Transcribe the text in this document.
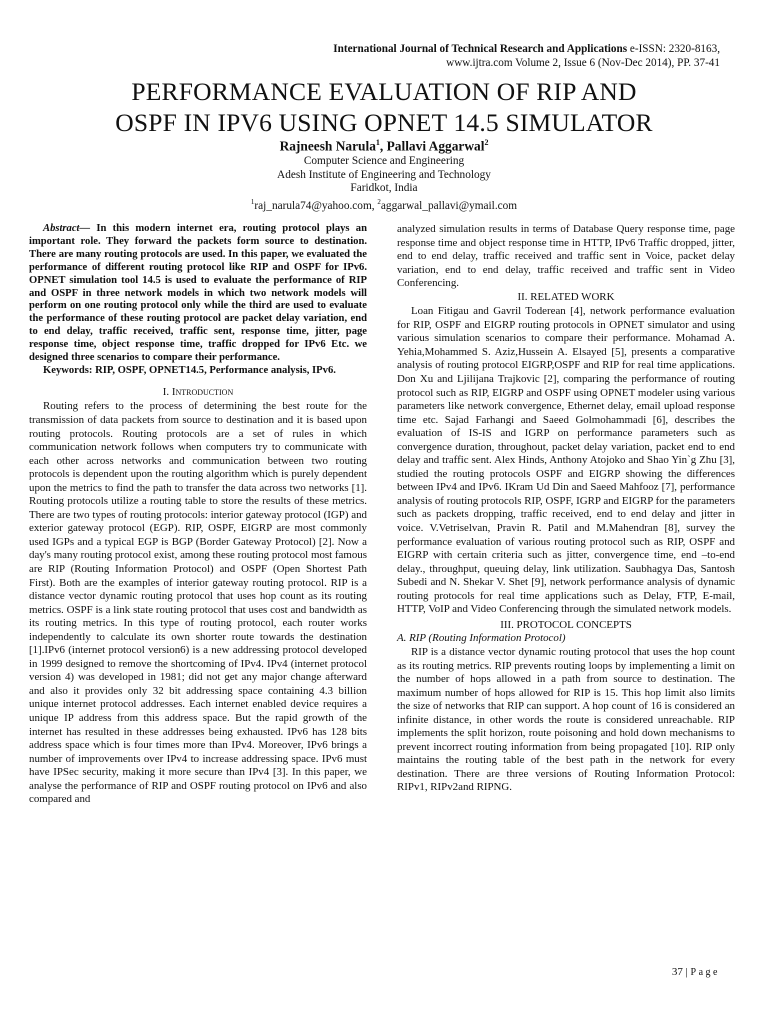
International Journal of Technical Research and Applications e-ISSN: 2320-8163,
www.ijtra.com Volume 2, Issue 6 (Nov-Dec 2014), PP. 37-41
PERFORMANCE EVALUATION OF RIP AND
OSPF IN IPV6 USING OPNET 14.5 SIMULATOR
Rajneesh Narula$^1$, Pallavi Aggarwal$^2$
Computer Science and Engineering
Adesh Institute of Engineering and Technology
Faridkot, India
$^1$raj_narula74@yahoo.com, $^2$aggarwal_pallavi@ymail.com

Abstract— In this modern internet era, routing protocol plays an important role. They forward the packets form source to destination. There are many routing protocols are used. In this paper, we evaluated the performance of different routing protocol like RIP and OSPF for IPv6. OPNET simulation tool 14.5 is used to evaluate the performance of RIP and OSPF in three network models in which two network models will perform on one routing protocol only while the third are used to evaluate the performance of these routing protocol are packet delay variation, end to end delay, traffic received, traffic sent, response time, jitter, page response time, object response time, traffic dropped for IPv6 Etc. we designed three scenarios to compare their performance.

Keywords: RIP, OSPF, OPNET14.5, Performance analysis, IPv6.

I. Introduction

Routing refers to the process of determining the best route for the transmission of data packets from source to destination and it is based upon routing protocols. Routing protocols are a set of rules in which communication network follows when computers try to communicate with each other across networks and communication between two routing protocols is dependent upon the routing algorithm which is purely dependent upon the metrics to find the path to transfer the data across two networks [1]. Routing protocols utilize a routing table to store the results of these metrics. There are two types of routing protocols: interior gateway protocol (IGP) and exterior gateway protocol (EGP). RIP, OSPF, EIGRP are most commonly used IGPs and a typical EGP is BGP (Border Gateway Protocol) [2]. Now a day's many routing protocol exist, among these routing protocol most famous are RIP (Routing Information Protocol) and OSPF (Open Shortest Path First). Both are the examples of interior gateway routing protocol. RIP is a distance vector dynamic routing protocol that uses hop count as its routing metrics. OSPF is a link state routing protocol that uses cost and bandwidth as its routing metrics. In this type of routing protocol, each router works independently to calculate its own shorter route towards the destination [1].IPv6 (internet protocol version6) is a new addressing protocol developed in 1999 designed to remove the shortcoming of IPv4. IPv4 (internet protocol version 4) was developed in 1981; did not get any major change afterward and also it provides only 32 bit addressing space containing 4.3 billion unique internet protocol addresses. Each internet enabled device requires a unique IP address from this address space. But the rapid growth of the internet has resulted in these addresses being exhausted. IPv6 has 128 bits address space which is four times more than IPv4. Moreover, IPv6 brings a number of improvements over IPv4 to increase addressing space. IPv6 must have IPSec security, making it more secure than IPv4 [3]. In this paper, we analyse the performance of RIP and OSPF routing protocol on IPv6 and also compared and

analyzed simulation results in terms of Database Query response time, page response time and object response time in HTTP, IPv6 Traffic dropped, jitter, end to end delay, traffic received and traffic sent in Voice, packet delay variation, end to end delay, traffic received and traffic sent in Video Conferencing.

II. RELATED WORK

Loan Fitigau and Gavril Toderean [4], network performance evaluation for RIP, OSPF and EIGRP routing protocols in OPNET simulator and using various simulation scenarios to compare their performance. Mohamad A. Yehia,Mohammed S. Aziz,Hussein A. Elsayed [5], presents a comparative analysis of routing protocol EIGRP,OSPF and RIP for real time applications. Don Xu and Ljilijana Trajkovic [2], comparing the performance of routing protocol such as RIP, EIGRP and OSPF using OPNET modeler using various parameters like network convergence, Ethernet delay, email upload response time etc. Sajad Farhangi and Saeed Golmohammadi [6], describes the evaluation of IS-IS and IGRP on performance parameters such as convergence duration, throughout, packet delay variation, packet end to end delay and traffic sent. Alex Hinds, Anthony Atojoko and Shao Yin`g Zhu [3], studied the routing protocols OSPF and EIGRP showing the differences between IPv4 and IPv6. IKram Ud Din and Saeed Mahfooz [7], performance analysis of routing protocols RIP, OSPF, IGRP and EIGRP for the parameters such as packets dropping, traffic received, end to end delay and jitter in voice. V.Vetriselvan, Pravin R. Patil and M.Mahendran [8], survey the performance evaluation of various routing protocol such as RIP, OSPF and EIGRP with certain criteria such as jitter, convergence time, end –to-end delay., throughput, queuing delay, link utilization. Saubhagya Das, Santosh Subedi and N. Shekar V. Shet [9], network performance analysis of dynamic routing protocols for real time applications such as Delay, FTP, E-mail, HTTP, VoIP and Video Conferencing through the simulated network models.

III. PROTOCOL CONCEPTS

A. RIP (Routing Information Protocol)

RIP is a distance vector dynamic routing protocol that uses the hop count as its routing metrics. RIP prevents routing loops by implementing a limit on the number of hops allowed in a path from source to destination. The maximum number of hops allowed for RIP is 15. This hop limit also limits the size of networks that RIP can support. A hop count of 16 is considered an infinite distance, in other words the route is considered unreachable. RIP implements the split horizon, route poisoning and hold down mechanisms to prevent incorrect routing information from being propagated [10]. RIP only maintains the routing table of the best path in the network for every destination. There are three versions of Routing Information Protocol: RIPv1, RIPv2and RIPNG.

37 | Page
